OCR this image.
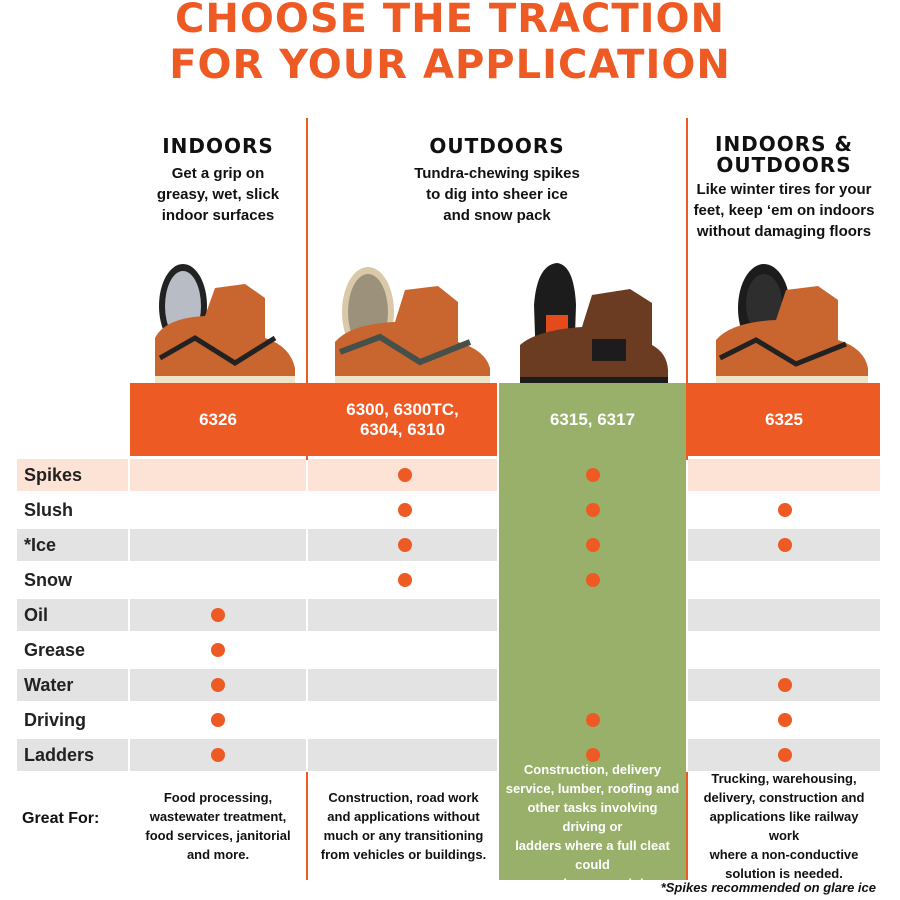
CHOOSE THE TRACTION
FOR YOUR APPLICATION
INDOORS
Get a grip on
greasy, wet, slick
indoor surfaces
OUTDOORS
Tundra-chewing spikes
to dig into sheer ice
and snow pack
INDOORS &
OUTDOORS
Like winter tires for your
feet, keep ‘em on indoors
without damaging floors
6326
6300, 6300TC,
6304, 6310
6315, 6317	6325
Spikes
Slush
*Ice
Snow
Oil
Grease
Water
Driving
Ladders
Great For:
Food processing,
wastewater treatment,
food services, janitorial
and more.
Construction, road work
and applications without
much or any transitioning
from vehicles or buildings.
Construction, delivery
service, lumber, roofing and
other tasks involving driving or
ladders where a full cleat could
cause damage or injury.
Trucking, warehousing,
delivery, construction and
applications like railway work
where a non-conductive
solution is needed.
*Spikes recommended on glare ice
